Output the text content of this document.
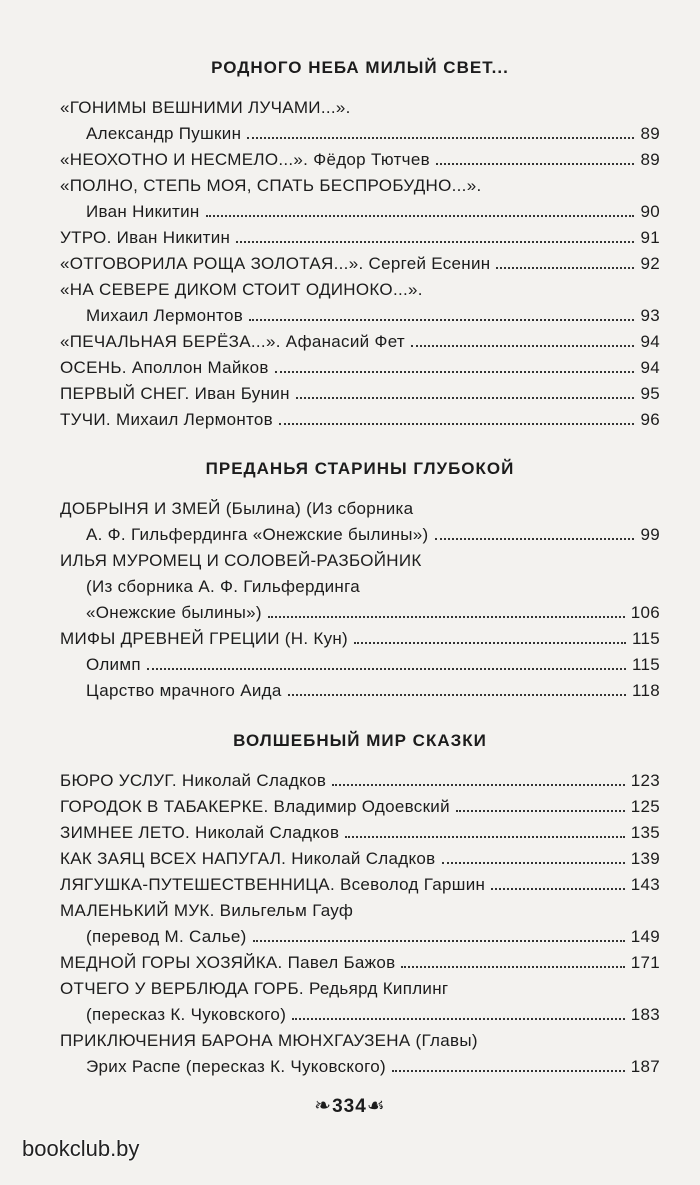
РОДНОГО НЕБА МИЛЫЙ СВЕТ...
«ГОНИМЫ ВЕШНИМИ ЛУЧАМИ...».
Александр Пушкин	89
«НЕОХОТНО И НЕСМЕЛО...». Фёдор Тютчев	89
«ПОЛНО, СТЕПЬ МОЯ, СПАТЬ БЕСПРОБУДНО...».
Иван Никитин	90
УТРО. Иван Никитин	91
«ОТГОВОРИЛА РОЩА ЗОЛОТАЯ...». Сергей Есенин	92
«НА СЕВЕРЕ ДИКОМ СТОИТ ОДИНОКО...».
Михаил Лермонтов	93
«ПЕЧАЛЬНАЯ БЕРЁЗА...». Афанасий Фет	94
ОСЕНЬ. Аполлон Майков	94
ПЕРВЫЙ СНЕГ. Иван Бунин	95
ТУЧИ. Михаил Лермонтов	96
ПРЕДАНЬЯ СТАРИНЫ ГЛУБОКОЙ
ДОБРЫНЯ И ЗМЕЙ (Былина) (Из сборника
А. Ф. Гильфердинга «Онежские былины»)	99
ИЛЬЯ МУРОМЕЦ И СОЛОВЕЙ-РАЗБОЙНИК
(Из сборника А. Ф. Гильфердинга
«Онежские былины»)	106
МИФЫ ДРЕВНЕЙ ГРЕЦИИ (Н. Кун)	115
Олимп	115
Царство мрачного Аида	118
ВОЛШЕБНЫЙ МИР СКАЗКИ
БЮРО УСЛУГ. Николай Сладков	123
ГОРОДОК В ТАБАКЕРКЕ. Владимир Одоевский	125
ЗИМНЕЕ ЛЕТО. Николай Сладков	135
КАК ЗАЯЦ ВСЕХ НАПУГАЛ. Николай Сладков	139
ЛЯГУШКА-ПУТЕШЕСТВЕННИЦА. Всеволод Гаршин	143
МАЛЕНЬКИЙ МУК. Вильгельм Гауф
(перевод М. Салье)	149
МЕДНОЙ ГОРЫ ХОЗЯЙКА. Павел Бажов	171
ОТЧЕГО У ВЕРБЛЮДА ГОРБ. Редьярд Киплинг
(пересказ К. Чуковского)	183
ПРИКЛЮЧЕНИЯ БАРОНА МЮНХГАУЗЕНА (Главы)
Эрих Распе (пересказ К. Чуковского)	187
❧334☙
bookclub.by
